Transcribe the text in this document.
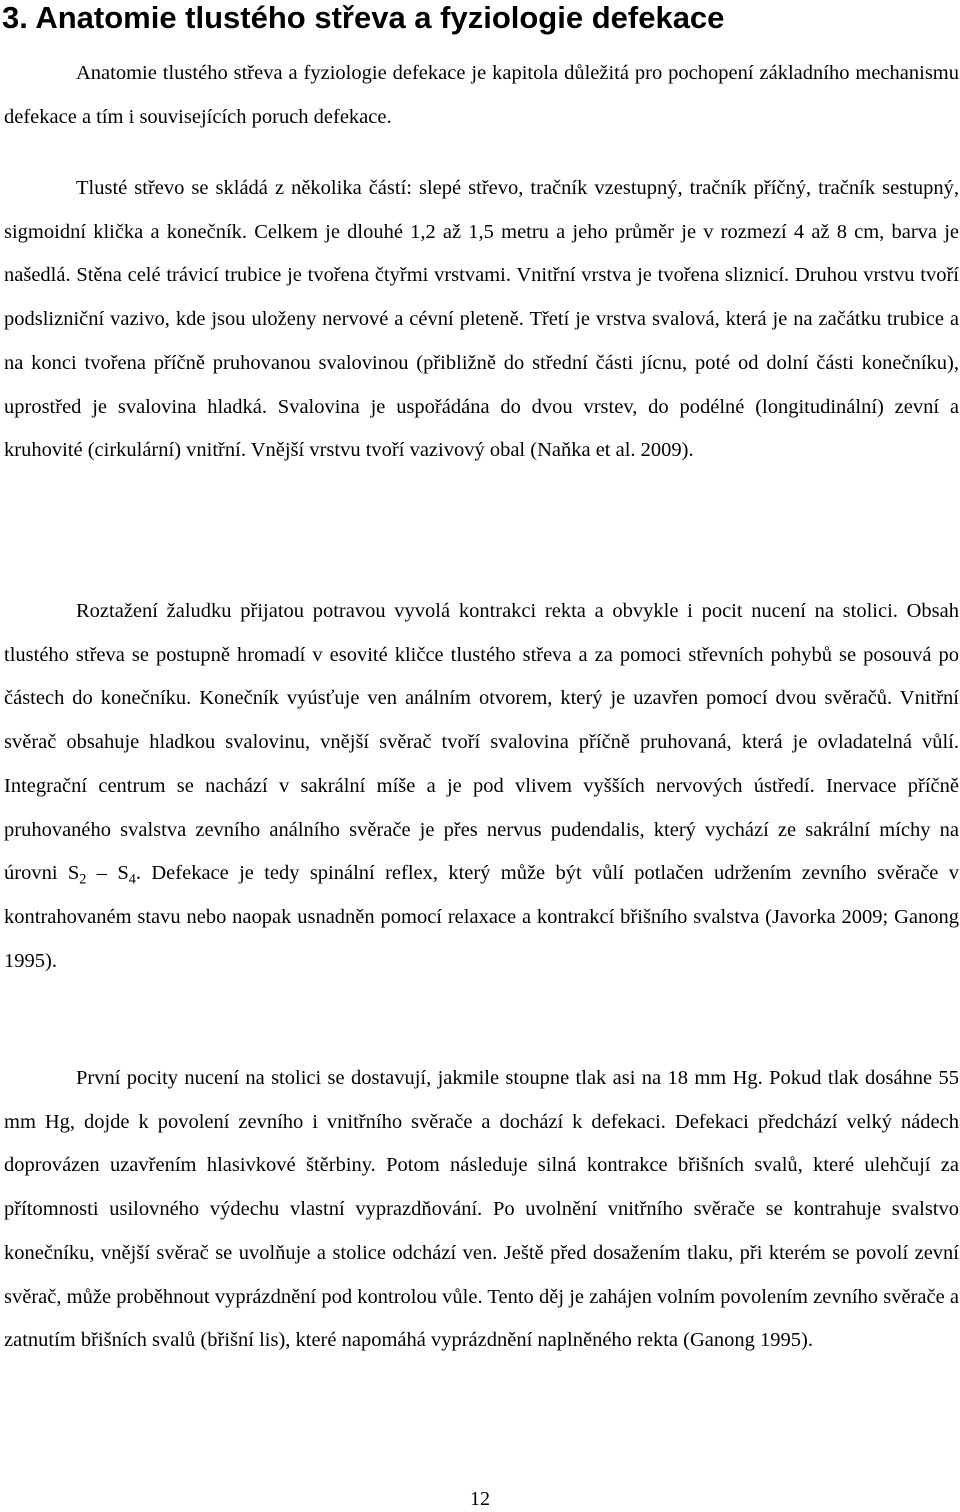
3. Anatomie tlustého střeva a fyziologie defekace

Anatomie tlustého střeva a fyziologie defekace je kapitola důležitá pro pochopení základního mechanismu defekace a tím i souvisejících poruch defekace.

Tlusté střevo se skládá z několika částí: slepé střevo, tračník vzestupný, tračník příčný, tračník sestupný, sigmoidní klička a konečník. Celkem je dlouhé 1,2 až 1,5 metru a jeho průměr je v rozmezí 4 až 8 cm, barva je našedlá. Stěna celé trávicí trubice je tvořena čtyřmi vrstvami. Vnitřní vrstva je tvořena sliznicí. Druhou vrstvu tvoří podslizniční vazivo, kde jsou uloženy nervové a cévní pleteně. Třetí je vrstva svalová, která je na začátku trubice a na konci tvořena příčně pruhovanou svalovinou (přibližně do střední části jícnu, poté od dolní části konečníku), uprostřed je svalovina hladká. Svalovina je uspořádána do dvou vrstev, do podélné (longitudinální) zevní a kruhovité (cirkulární) vnitřní. Vnější vrstvu tvoří vazivový obal (Naňka et al. 2009).

Roztažení žaludku přijatou potravou vyvolá kontrakci rekta a obvykle i pocit nucení na stolici. Obsah tlustého střeva se postupně hromadí v esovité kličce tlustého střeva a za pomoci střevních pohybů se posouvá po částech do konečníku. Konečník vyúsťuje ven análním otvorem, který je uzavřen pomocí dvou svěračů. Vnitřní svěrač obsahuje hladkou svalovinu, vnější svěrač tvoří svalovina příčně pruhovaná, která je ovladatelná vůlí. Integrační centrum se nachází v sakrální míše a je pod vlivem vyšších nervových ústředí. Inervace příčně pruhovaného svalstva zevního análního svěrače je přes nervus pudendalis, který vychází ze sakrální míchy na úrovni $S_2 - S_4$. Defekace je tedy spinální reflex, který může být vůlí potlačen udržením zevního svěrače v kontrahovaném stavu nebo naopak usnadněn pomocí relaxace a kontrakcí břišního svalstva (Javorka 2009; Ganong 1995).

První pocity nucení na stolici se dostavují, jakmile stoupne tlak asi na 18 mm Hg. Pokud tlak dosáhne 55 mm Hg, dojde k povolení zevního i vnitřního svěrače a dochází k defekaci. Defekaci předchází velký nádech doprovázen uzavřením hlasivkové štěrbiny. Potom následuje silná kontrakce břišních svalů, které ulehčují za přítomnosti usilovného výdechu vlastní vyprazdňování. Po uvolnění vnitřního svěrače se kontrahuje svalstvo konečníku, vnější svěrač se uvolňuje a stolice odchází ven. Ještě před dosažením tlaku, při kterém se povolí zevní svěrač, může proběhnout vyprázdnění pod kontrolou vůle. Tento děj je zahájen volním povolením zevního svěrače a zatnutím břišních svalů (břišní lis), které napomáhá vyprázdnění naplněného rekta (Ganong 1995).

12
